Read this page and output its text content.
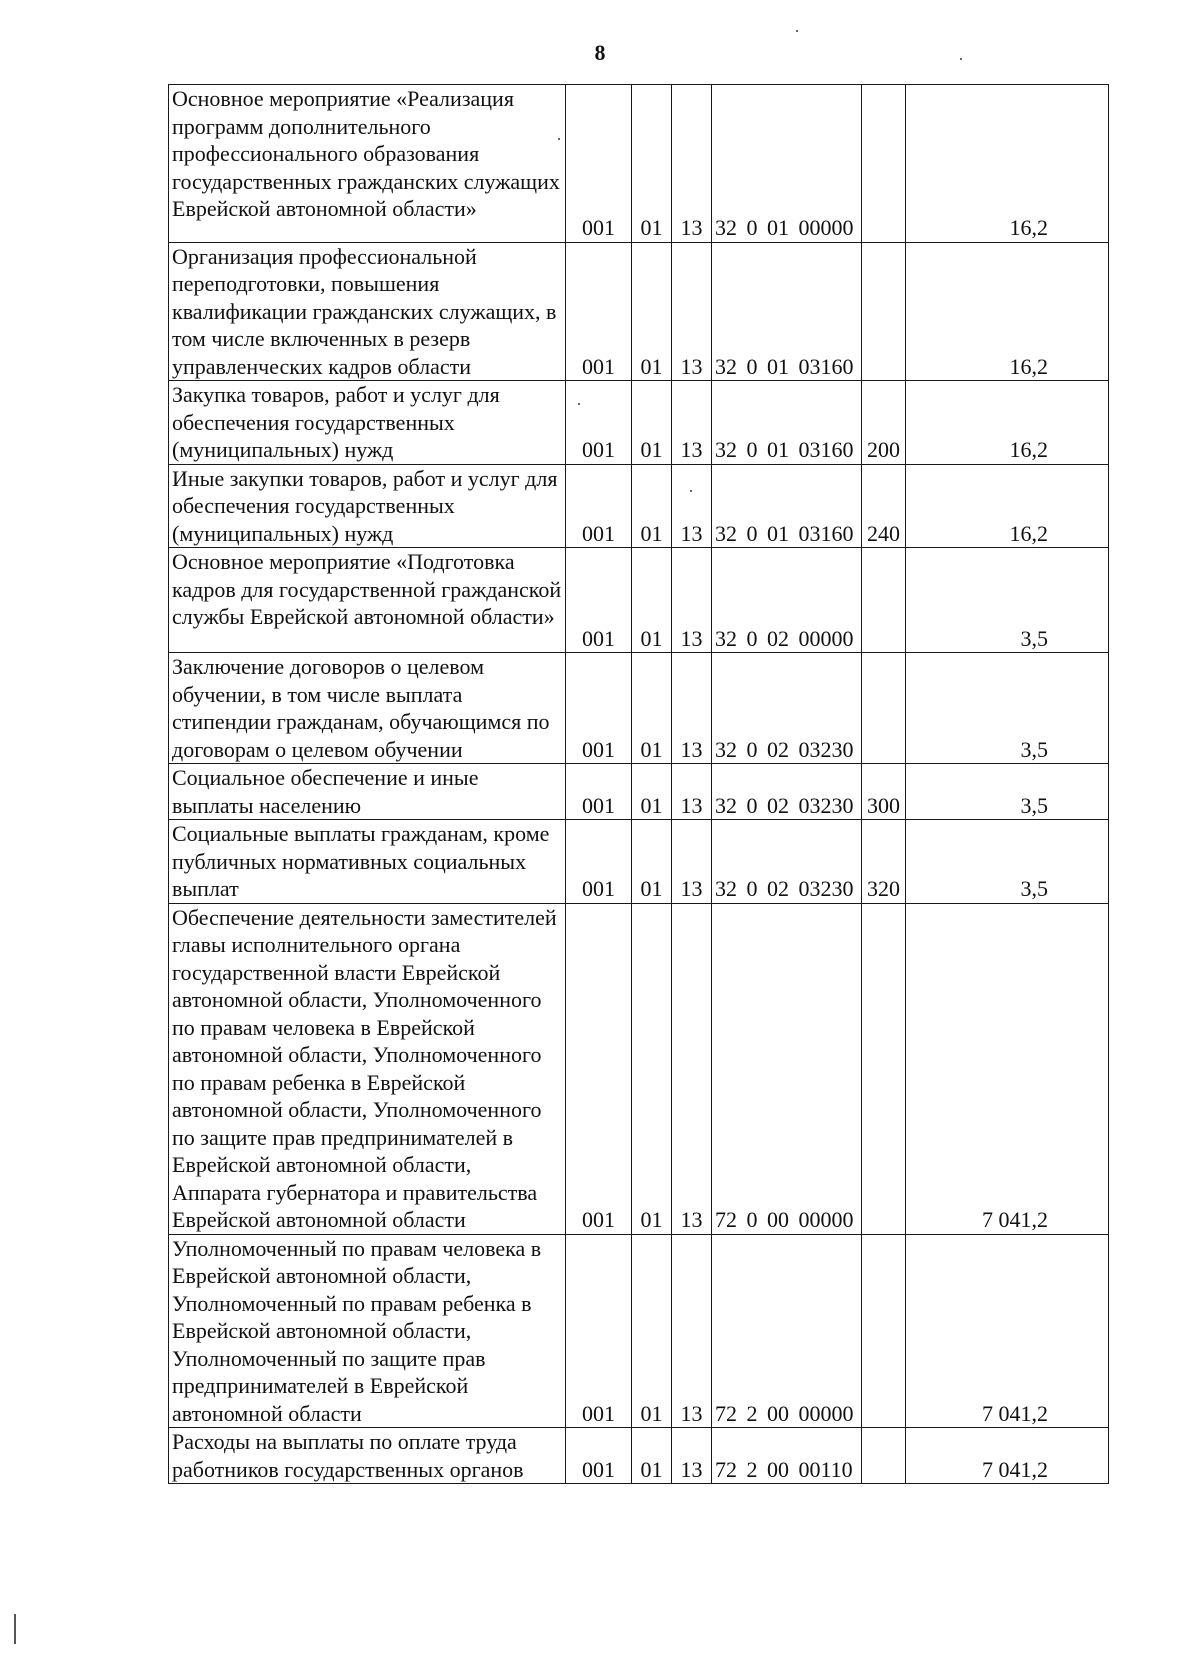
8
Основное мероприятие «Реализация программ дополнительного профессионального образования государственных гражданских служащих Еврейской автономной области»	001	01	13	32 0 01 00000		16,2
Организация профессиональной переподготовки, повышения квалификации гражданских служащих, в том числе включенных в резерв управленческих кадров области	001	01	13	32 0 01 03160		16,2
Закупка товаров, работ и услуг для обеспечения государственных (муниципальных) нужд	001	01	13	32 0 01 03160	200	16,2
Иные закупки товаров, работ и услуг для обеспечения государственных (муниципальных) нужд	001	01	13	32 0 01 03160	240	16,2
Основное мероприятие «Подготовка кадров для государственной гражданской службы Еврейской автономной области»	001	01	13	32 0 02 00000		3,5
Заключение договоров о целевом обучении, в том числе выплата стипендии гражданам, обучающимся по договорам о целевом обучении	001	01	13	32 0 02 03230		3,5
Социальное обеспечение и иные выплаты населению	001	01	13	32 0 02 03230	300	3,5
Социальные выплаты гражданам, кроме публичных нормативных социальных выплат	001	01	13	32 0 02 03230	320	3,5
Обеспечение деятельности заместителей главы исполнительного органа государственной власти Еврейской автономной области, Уполномоченного по правам человека в Еврейской автономной области, Уполномоченного по правам ребенка в Еврейской автономной области, Уполномоченного по защите прав предпринимателей в Еврейской автономной области, Аппарата губернатора и правительства Еврейской автономной области	001	01	13	72 0 00 00000		7 041,2
Уполномоченный по правам человека в Еврейской автономной области, Уполномоченный по правам ребенка в Еврейской автономной области, Уполномоченный по защите прав предпринимателей в Еврейской автономной области	001	01	13	72 2 00 00000		7 041,2
Расходы на выплаты по оплате труда работников государственных органов	001	01	13	72 2 00 00110		7 041,2
